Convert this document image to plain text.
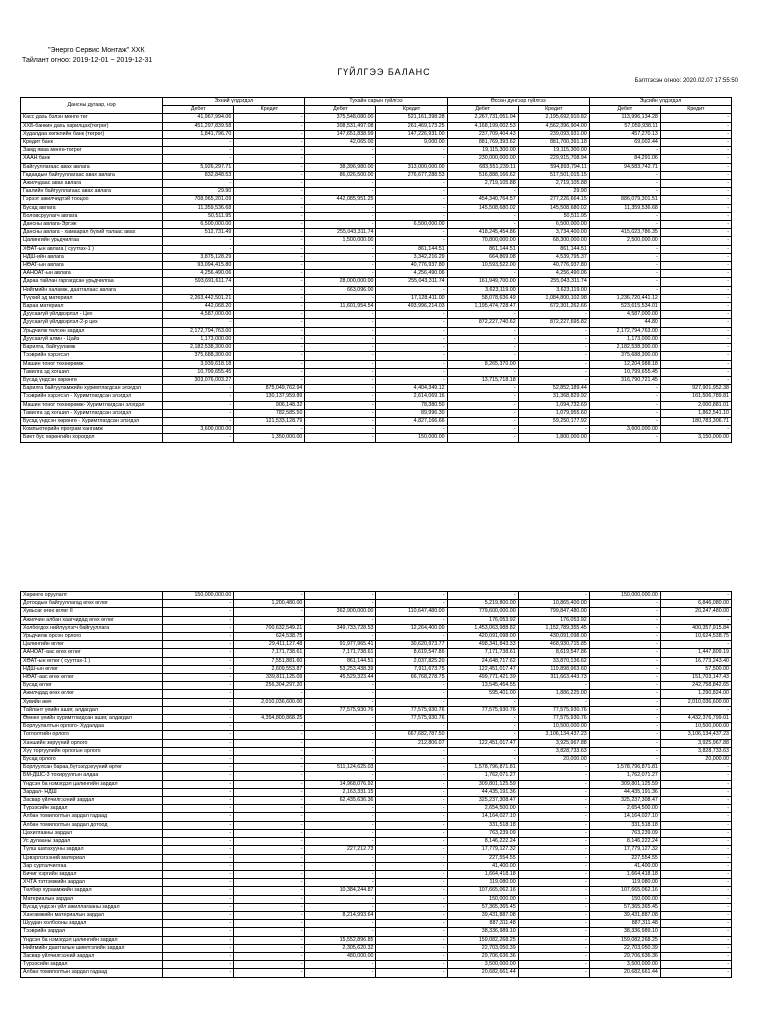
"Энерго Сервис Монтаж" ХХК
Тайлант огноо: 2019-12-01 ~ 2019-12-31
ГҮЙЛГЭЭ БАЛАНС
Бэлтгэсэн огноо: 2020.02.07 17:55:50
Дансны дугаар, нэр	Эхний үлдэгдэл		Тухайн сарын гүйлгээ		Өссөн дүнгээр гүйлгээ		Эцсийн үлдэгдэл	
	Дебет	Кредит	Дебет	Кредит	Дебет	Кредит	Дебет	Кредит
Касс дахь бэлэн мөнгө төг	41,967,994.06	-	375,548,080.00	521,161,398.28	2,267,731,051.04	2,195,692,910.82	113,996,134.28	-
ХХБ-банкин дахь харилцах(төгрөг)	451,297,839.58	-	308,531,497.08	261,469,173.25	4,168,199,002.53	4,562,396,904.00	57,059,938.11	-
Худалдаа хөгжлийн банк (төгрөг)	1,841,796.70	-	147,651,838.99	147,226,931.00	237,709,404.43	239,093,931.00	457,270.13	-
Кредит банк	-	-	42,065.00	9,000.00	881,769,393.62	881,700,391.18	69,002.44	-
Замд яваа мөнгө-төгрөг	-	-	-	-	19,115,300.00	19,115,300.00	-	-
ХААН банк	-	-	-	-	230,000,000.00	229,915,708.94	84,291.06	-
Байгууллагаас авах авлага	5,926,297.71	-	38,396,980.00	313,000,000.00	683,551,239.11	594,893,794.11	94,583,742.71	-
Гадаадын байгууллагаас авах авлага	832,848.53	-	86,026,500.00	276,677,288.53	516,888,166.62	517,501,015.15	-	-
Ажилчдаас авах авлага	-	-	-	-	2,719,105.88	2,719,105.88	-	-
Гаалийн байгууллагаас авах авлага	29.90	-	-	-	-	29.90	-	-
Гэрээт ажилчидтэй тооцоо	708,965,201.09	-	442,085,951.25	-	454,340,764.57	277,226,664.15	886,079,301.51	-
Бусад авлага	11,359,536.68	-	-	-	145,508,680.02	145,508,680.02	11,359,536.68	-
Боловсруулагч авлага	50,511.95	-	-	-	-	50,511.95	-	-
Дансны авлага-Эргэж	6,500,000.00	-	-	6,500,000.00	-	6,500,000.00	-	-
Дансны авлага - хамаарал бүхий талаас авах	512,731.49	-	255,043,311.74	-	418,245,454.86	3,734,400.00	415,023,786.35	-
Цалингийн урьдчилгаа	-	-	1,500,000.00	-	70,800,000.00	68,300,000.00	2,500,000.00	-
ХӨАТ-ын авлага ( суутгах-1 )	-	-	-	861,144.51	861,144.51	861,144.51	-	-
НДШ-ийн авлага	3,875,128.29	-	-	3,342,216.29	664,869.08	4,539,795.37	-	-
НӨАТ-ын авлага	93,094,415.80	-	-	40,776,937.80	10,593,522.00	40,776,937.80	-	-
ААНОАТ-ын авлага	4,256,490.06	-	-	4,256,490.06	-	4,256,490.06	-	-
Дараа тайлан гаргагдсан урьдчилгаа	593,691,611.74	-	28,000,000.00	255,043,311.74	161,949,700.00	255,043,311.74	-	-
Нийгмийн халамж, даатгалаас авлага	-	-	663,096.00	-	3,623,119.00	3,623,119.00	-	-
Түүхий эд материал	2,263,442,501.21	-	-	17,128,411.00	58,078,636.49	1,084,800,102.98	1,236,720,441.12	-
Бараа материал	442,068.20	-	11,601,954.54	493,996,214.03	1,195,474,728.47	672,301,262.66	523,615,534.01	-
Дуусаагүй үйлдвэрлэл - Цех	4,587,000.00	-	-	-	-	-	4,587,000.00	-
Дуусаагүй үйлдвэрлэл-2-р цех	-	-	-	-	872,227,740.62	872,227,695.82	44.80	-
Урьдчилж төлсөн зардал	2,172,794,763.00	-	-	-	-	-	2,172,794,763.00	-
Дуусаагүй алмн - Цайз	1,173,000.00	-	-	-	-	-	1,173,000.00	-
Барилга, байгууламж	2,182,538,300.00	-	-	-	-	-	2,182,538,300.00	-
Тээврийн хэрэгсэл	375,688,300.00	-	-	-	-	-	375,688,300.00	-
Машин тоног төхөөрөмж	3,939,618.18	-	-	-	8,265,370.00	-	12,204,988.18	-
Тавилга эд хогшил	10,799,655.45	-	-	-	-	-	10,799,655.45	-
Бусад үндсэн хөрөнгө	303,076,003.27	-	-	-	13,715,718.18	-	316,790,721.45	-
Барилга байгууламжийн хуримтлагдсан элэгдэл	-	875,049,762.94	-	4,404,349.12	-	52,852,189.44	-	927,901,952.38
Тээврийн хэрэгсэл - Хуримтлагдсан элэгдэл	-	130,137,959.89	-	2,614,069.16	-	31,368,829.92	-	161,506,789.81
Машин тоног төхөөрөмж- Хуримтлагдсан элэгдэл	-	906,148.32	-	78,380.50	-	1,094,732.69	-	2,000,881.01
Тавилга эд хогшил - Хуримтлагдсан элэгдэл	-	782,585.50	-	89,996.30	-	1,079,955.60	-	1,862,541.10
Бусад үндсэн хөрөнгө - Хуримтлагдсан элэгдэл	-	121,533,128.79	-	4,827,166.66	-	59,250,177.92	-	180,783,306.71
Компьютерийн програм хангамж	3,600,000.00	-	-	-	-	-	3,600,000.00	-
Биет бус хөрөнгийн хорогдол	-	1,350,000.00	-	150,000.00	-	1,800,000.00	-	3,150,000.00
Хөрөнгө оруулалт	150,000,000.00	-	-	-	-	-	150,000,000.00	-
Дотоодын байгууллагад өгөх өглөг	-	1,200,480.00	-	-	5,219,800.00	10,865,400.00	-	6,846,080.00
Хувьсаг өгөх өглөг II	-	-	362,900,000.00	110,647,480.00	779,600,000.00	799,847,480.00	-	20,247,480.00
Ажилчин албан хаагчидад өгөх өглөг	-	-	-	-	176,053.92	176,053.92	-	-
Холбогдох нийлүүлэгч байгууллага	-	700,632,549.21	349,733,728.53	12,264,400.00	1,453,063,988.82	1,152,789,355.45	-	400,357,915.84
Урьдчилж орсон орлого	-	624,538.75	-	-	420,091,098.00	430,091,098.00	-	10,624,538.75
Цалингийн өглөг	-	29,411,127.48	91,977,965.41	30,620,973.77	498,341,843.33	468,930,715.85	-	-
ААНОАТ-аас өгөх өглөг	-	7,171,738.61	7,171,738.61	8,619,547.86	7,171,738.61	8,619,547.86	-	1,447,809.19
ХӨАТ-ын өглөг ( суутгах-1 )	-	7,551,881.60	861,144.51	2,037,825.20	24,648,717.62	33,870,136.62	-	16,773,243.40
НДШ-ын өглөг	-	2,609,553.87	53,253,438.39	7,911,673.75	122,451,017.47	119,898,963.60	-	57,500.00
НӨАТ-аас өгөх өглөг	-	339,811,125.09	45,529,323.44	66,768,278.75	499,771,421.39	311,663,443.73	-	151,703,147.43
Бусад өглөг	-	256,304,297.20	-	-	13,545,454.55	-	-	242,758,842.65
Ажилчдад өгөх өглөг	-	-	-	-	595,401.00	1,886,225.00	-	1,290,824.00
Хувийн өмч	-	2,010,036,600.00	-	-	-	-	-	2,010,036,600.00
Тайлант үеийн ашиг, алдагдал	-	-	77,575,930.76	77,575,930.76	77,575,930.76	77,575,930.76	-	-
Өмнөх үеийн хуримтлагдсан ашиг, алдагдал	-	4,354,800,868.25	-	77,575,930.76	-	77,575,930.76	-	4,432,376,799.01
Борлуулалтын орлого- Худалдаа	-	-	-	-	-	10,500,000.00	-	10,500,000.00
Тоглолтийн орлого	-	-	-	667,682,787.50	-	3,106,134,437.23	-	3,106,134,437.23
Ханшийн зөрүүний орлого	-	-	-	212,806.07	122,451,017.47	3,925,967.88	-	3,925,967.88
Хүү торгуулийн орлогын орлого	-	-	-	-	-	3,828,733.63	-	3,828,733.63
Бусад орлого	-	-	-	-	-	20,000.00	-	20,000.00
Борлуулсан бараа,бүтээгдэхүүний өртөг	-	-	511,124,625.03	-	1,578,796,871.81	-	1,578,796,871.81	-
БМ-ДШС-3 тохируулгын алдаа	-	-	-	-	1,762,071.27	-	1,762,071.27	-
Үндсэн ба нэмэгдэл цалингийн зардал	-	-	14,968,076.92	-	309,801,125.59	-	309,801,125.59	-
Зардал- НДШ	-	-	2,163,331.15	-	44,435,191.36	-	44,435,191.36	-
Засвар үйлчилгээний зардал	-	-	62,435,636.36	-	325,237,308.47	-	325,237,308.47	-
Түрээсийн зардал	-	-	-	-	2,654,500.00	-	2,654,500.00	-
Албан томилолтын зардал гадаад	-	-	-	-	14,164,027.10	-	14,164,027.10	-
Албан томилолтын зардал дотоод	-	-	-	-	331,518.18	-	331,518.18	-
Цахилгааны зардал	-	-	-	-	763,239.09	-	763,239.09	-
Ус дулааны зардал	-	-	-	-	8,146,222.24	-	8,146,222.24	-
Түлш шатахууны зардал	-	-	227,212.73	-	17,779,127.32	-	17,779,127.32	-
Цэвэрлэгээний материал	-	-	-	-	227,554.55	-	227,554.55	-
Зар сурталчилгаа	-	-	-	-	41,400.00	-	41,400.00	-
Бичиг хэргийн зардал	-	-	-	-	1,664,418.18	-	1,664,418.18	-
ХЧТА тэтгэмжийн зардал	-	-	-	-	119,080.00	-	119,080.00	-
Төлбөр хураамжийн зардал	-	-	10,384,244.87	-	107,665,062.16	-	107,665,062.16	-
Материалын зардал	-	-	-	-	150,000.00	-	150,000.00	-
Бусад үндсэн үйл ажиллагааны зардал	-	-	-	-	57,365,365.45	-	57,365,365.45	-
Хангамжийн материалын зардал	-	-	8,214,993.64	-	39,431,887.08	-	39,431,887.08	-
Шуудан холбооны зардал	-	-	-	-	887,311.48	-	887,311.48	-
Тээврийн зардал	-	-	-	-	38,336,989.10	-	38,336,989.10	-
Үндсэн ба нэмэгдэл цалингийн зардал	-	-	15,552,896.85	-	159,082,268.25	-	159,082,268.25	-
Нийгмийн даатгалын шимтгэлийн зардал	-	-	2,305,620.32	-	22,703,050.39	-	22,703,050.39	-
Засвар үйлчилгээний зардал	-	-	480,000.00	-	29,706,636.36	-	29,706,636.36	-
Түрээсийн зардал	-	-	-	-	3,500,000.00	-	3,500,000.00	-
Албан томилолтын зардал гадаад	-	-	-	-	20,682,661.44	-	20,682,661.44	-
